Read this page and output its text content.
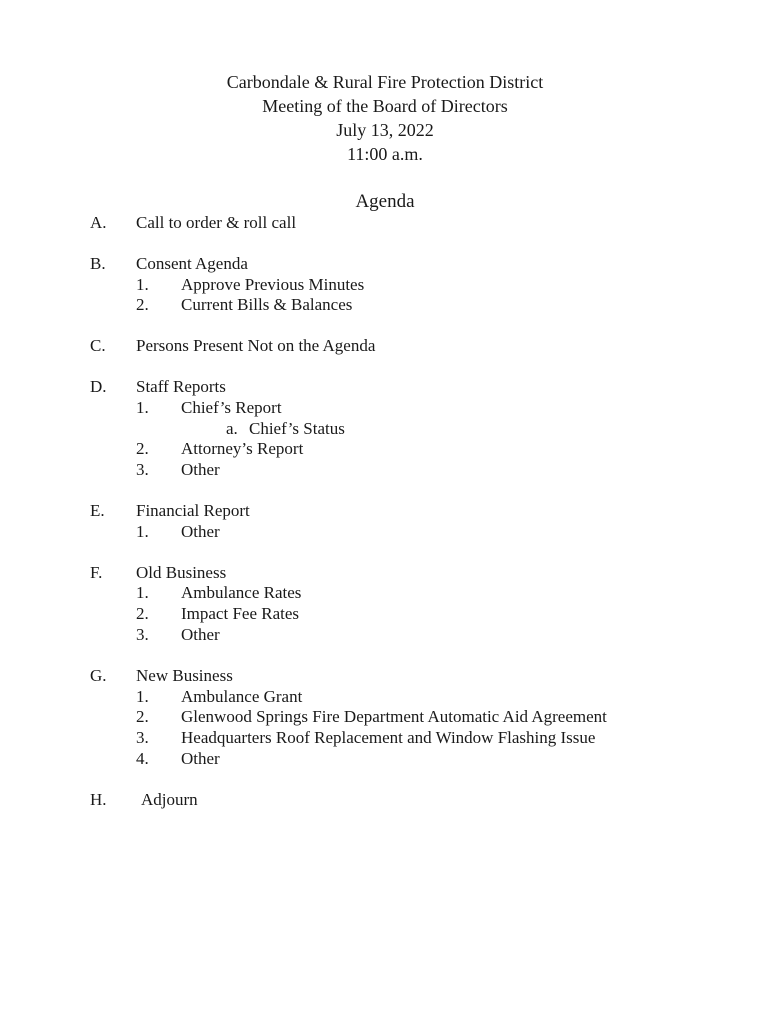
Carbondale & Rural Fire Protection District
Meeting of the Board of Directors
July 13, 2022
11:00 a.m.
Agenda
A. Call to order & roll call
B. Consent Agenda
1. Approve Previous Minutes
2. Current Bills & Balances
C. Persons Present Not on the Agenda
D. Staff Reports
1. Chief’s Report
a. Chief’s Status
2. Attorney’s Report
3. Other
E. Financial Report
1. Other
F. Old Business
1. Ambulance Rates
2. Impact Fee Rates
3. Other
G. New Business
1. Ambulance Grant
2. Glenwood Springs Fire Department Automatic Aid Agreement
3. Headquarters Roof Replacement and Window Flashing Issue
4. Other
H. Adjourn
